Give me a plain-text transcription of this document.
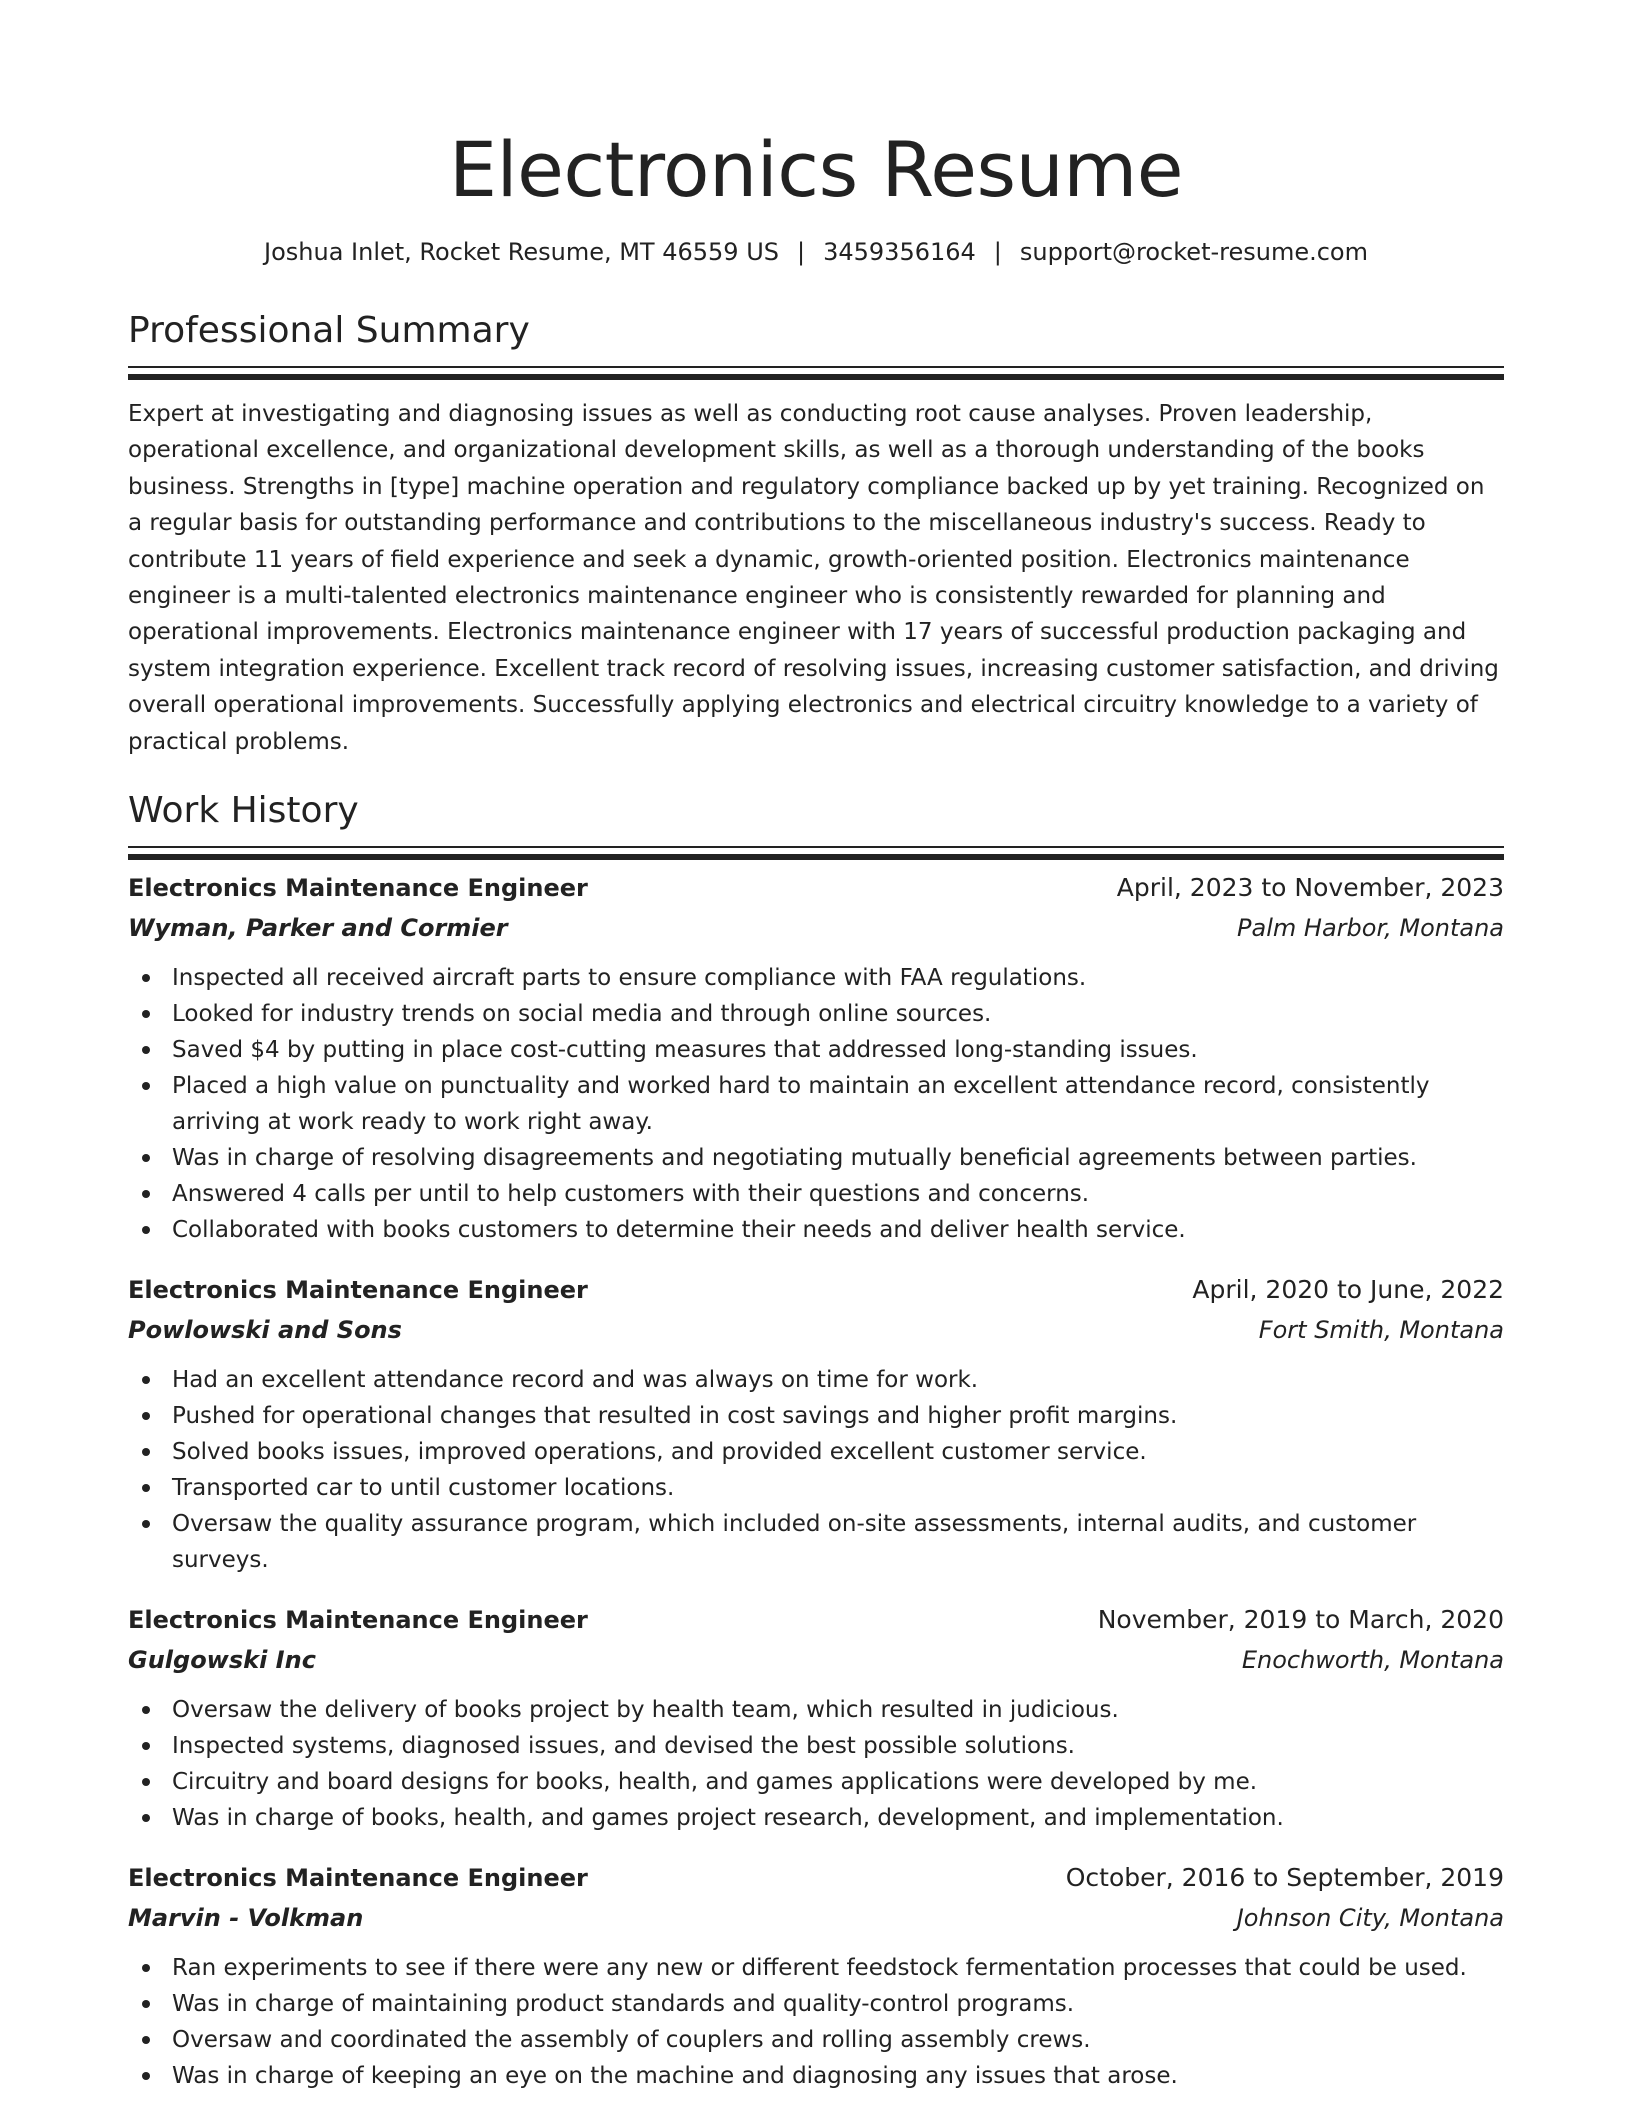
Electronics Resume
Joshua Inlet, Rocket Resume, MT 46559 US | 3459356164 | support@rocket-resume.com
Professional Summary

Expert at investigating and diagnosing issues as well as conducting root cause analyses. Proven leadership, operational excellence, and organizational development skills, as well as a thorough understanding of the books business. Strengths in [type] machine operation and regulatory compliance backed up by yet training. Recognized on a regular basis for outstanding performance and contributions to the miscellaneous industry's success. Ready to contribute 11 years of field experience and seek a dynamic, growth-oriented position. Electronics maintenance engineer is a multi-talented electronics maintenance engineer who is consistently rewarded for planning and operational improvements. Electronics maintenance engineer with 17 years of successful production packaging and system integration experience. Excellent track record of resolving issues, increasing customer satisfaction, and driving overall operational improvements. Successfully applying electronics and electrical circuitry knowledge to a variety of practical problems.

Work History
Electronics Maintenance Engineer	April, 2023 to November, 2023
Wyman, Parker and Cormier	Palm Harbor, Montana
Inspected all received aircraft parts to ensure compliance with FAA regulations.
Looked for industry trends on social media and through online sources.
Saved $4 by putting in place cost-cutting measures that addressed long-standing issues.
Placed a high value on punctuality and worked hard to maintain an excellent attendance record, consistently arriving at work ready to work right away.
Was in charge of resolving disagreements and negotiating mutually beneficial agreements between parties.
Answered 4 calls per until to help customers with their questions and concerns.
Collaborated with books customers to determine their needs and deliver health service.
Electronics Maintenance Engineer	April, 2020 to June, 2022
Powlowski and Sons	Fort Smith, Montana
Had an excellent attendance record and was always on time for work.
Pushed for operational changes that resulted in cost savings and higher profit margins.
Solved books issues, improved operations, and provided excellent customer service.
Transported car to until customer locations.
Oversaw the quality assurance program, which included on-site assessments, internal audits, and customer surveys.
Electronics Maintenance Engineer	November, 2019 to March, 2020
Gulgowski Inc	Enochworth, Montana
Oversaw the delivery of books project by health team, which resulted in judicious.
Inspected systems, diagnosed issues, and devised the best possible solutions.
Circuitry and board designs for books, health, and games applications were developed by me.
Was in charge of books, health, and games project research, development, and implementation.
Electronics Maintenance Engineer	October, 2016 to September, 2019
Marvin - Volkman	Johnson City, Montana
Ran experiments to see if there were any new or different feedstock fermentation processes that could be used.
Was in charge of maintaining product standards and quality-control programs.
Oversaw and coordinated the assembly of couplers and rolling assembly crews.
Was in charge of keeping an eye on the machine and diagnosing any issues that arose.
